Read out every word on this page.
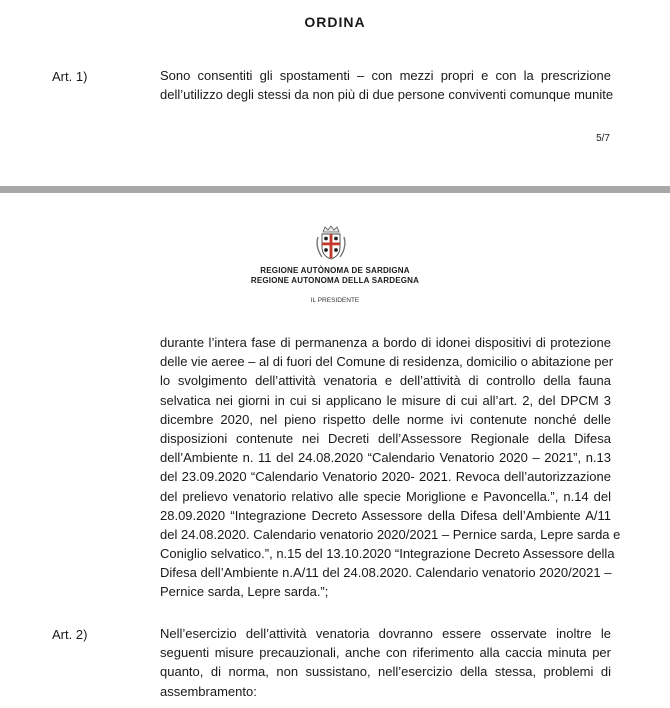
ORDINA
Art. 1)	Sono consentiti gli spostamenti – con mezzi propri e con la prescrizione
dell’utilizzo degli stessi da non più di due persone conviventi comunque munite
5/7
REGIONE AUTÒNOMA DE SARDIGNA
REGIONE AUTONOMA DELLA SARDEGNA
IL PRESIDENTE
durante l’intera fase di permanenza a bordo di idonei dispositivi di protezione
delle vie aeree – al di fuori del Comune di residenza, domicilio o abitazione per
lo svolgimento dell’attività venatoria e dell’attività di controllo della fauna
selvatica nei giorni in cui si applicano le misure di cui all’art. 2, del DPCM 3
dicembre 2020, nel pieno rispetto delle norme ivi contenute nonché delle
disposizioni contenute nei Decreti dell’Assessore Regionale della Difesa
dell’Ambiente n. 11 del 24.08.2020 “Calendario Venatorio 2020 – 2021”, n.13
del 23.09.2020 “Calendario Venatorio 2020- 2021. Revoca dell’autorizzazione
del prelievo venatorio relativo alle specie Moriglione e Pavoncella.”, n.14 del
28.09.2020 “Integrazione Decreto Assessore della Difesa dell’Ambiente A/11
del 24.08.2020. Calendario venatorio 2020/2021 – Pernice sarda, Lepre sarda e
Coniglio selvatico.”, n.15 del 13.10.2020 “Integrazione Decreto Assessore della
Difesa dell’Ambiente n.A/11 del 24.08.2020. Calendario venatorio 2020/2021 –
Pernice sarda, Lepre sarda.”;
Art. 2)	Nell’esercizio dell’attività venatoria dovranno essere osservate inoltre le
seguenti misure precauzionali, anche con riferimento alla caccia minuta per
quanto, di norma, non sussistano, nell’esercizio della stessa, problemi di
assembramento:
